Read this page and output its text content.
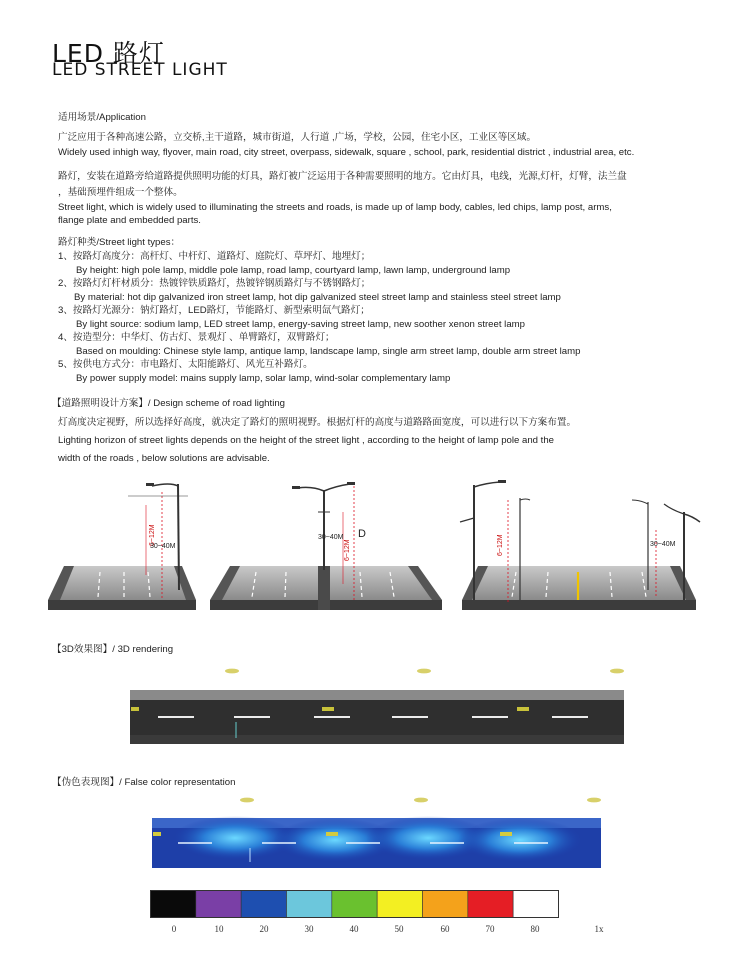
LED 路灯
LED STREET LIGHT
适用场景/Application
广泛应用于各种高速公路，立交桥,主干道路，城市街道，人行道 ,广场，学校，公园，住宅小区，工业区等区域。
Widely used inhigh way, flyover, main road, city street, overpass, sidewalk, square , school, park, residential district , industrial area, etc.
路灯，安装在道路旁给道路提供照明功能的灯具，路灯被广泛运用于各种需要照明的地方。它由灯具，电线，光源,灯杆，灯臂，法兰盘
，基础预埋件组成一个整体。
Street light, which is widely used to illuminating the streets and roads, is made up of lamp body, cables, led chips, lamp post, arms,
flange plate and embedded parts.
路灯种类/Street light types：
1、按路灯高度分：高杆灯、中杆灯、道路灯、庭院灯、草坪灯、地埋灯；
By height: high pole lamp, middle pole lamp, road lamp, courtyard lamp, lawn lamp, underground lamp
2、按路灯灯杆材质分：热镀锌铁质路灯，热镀锌钢质路灯与不锈钢路灯；
By material: hot dip galvanized iron street lamp, hot dip galvanized steel street lamp and stainless steel street lamp
3、按路灯光源分：钠灯路灯，LED路灯，节能路灯、新型索明氙气路灯；
By light source: sodium lamp, LED street lamp, energy-saving street lamp, new soother xenon street lamp
4、按造型分：中华灯、仿古灯、景观灯 、单臂路灯，双臂路灯；
Based on moulding: Chinese style lamp, antique lamp, landscape lamp, single arm street lamp, double arm street lamp
5、按供电方式分：市电路灯、太阳能路灯、风光互补路灯。
By power supply model: mains supply lamp, solar lamp, wind-solar complementary lamp
【道路照明设计方案】/ Design scheme of road lighting
灯高度决定视野，所以选择好高度，就决定了路灯的照明视野。根据灯杆的高度与道路路面宽度，可以进行以下方案布置。
Lighting horizon of street lights depends on the height of the street light , according to the height of lamp pole and the
width of the roads , below solutions are advisable.
6~12M
30~40M	6~12M
30~40M D
6~12M	30~40M
【3D效果图】/ 3D rendering
【伪色表现图】/ False color representation
0	10	20	30	40	50	60	70	80	1x
